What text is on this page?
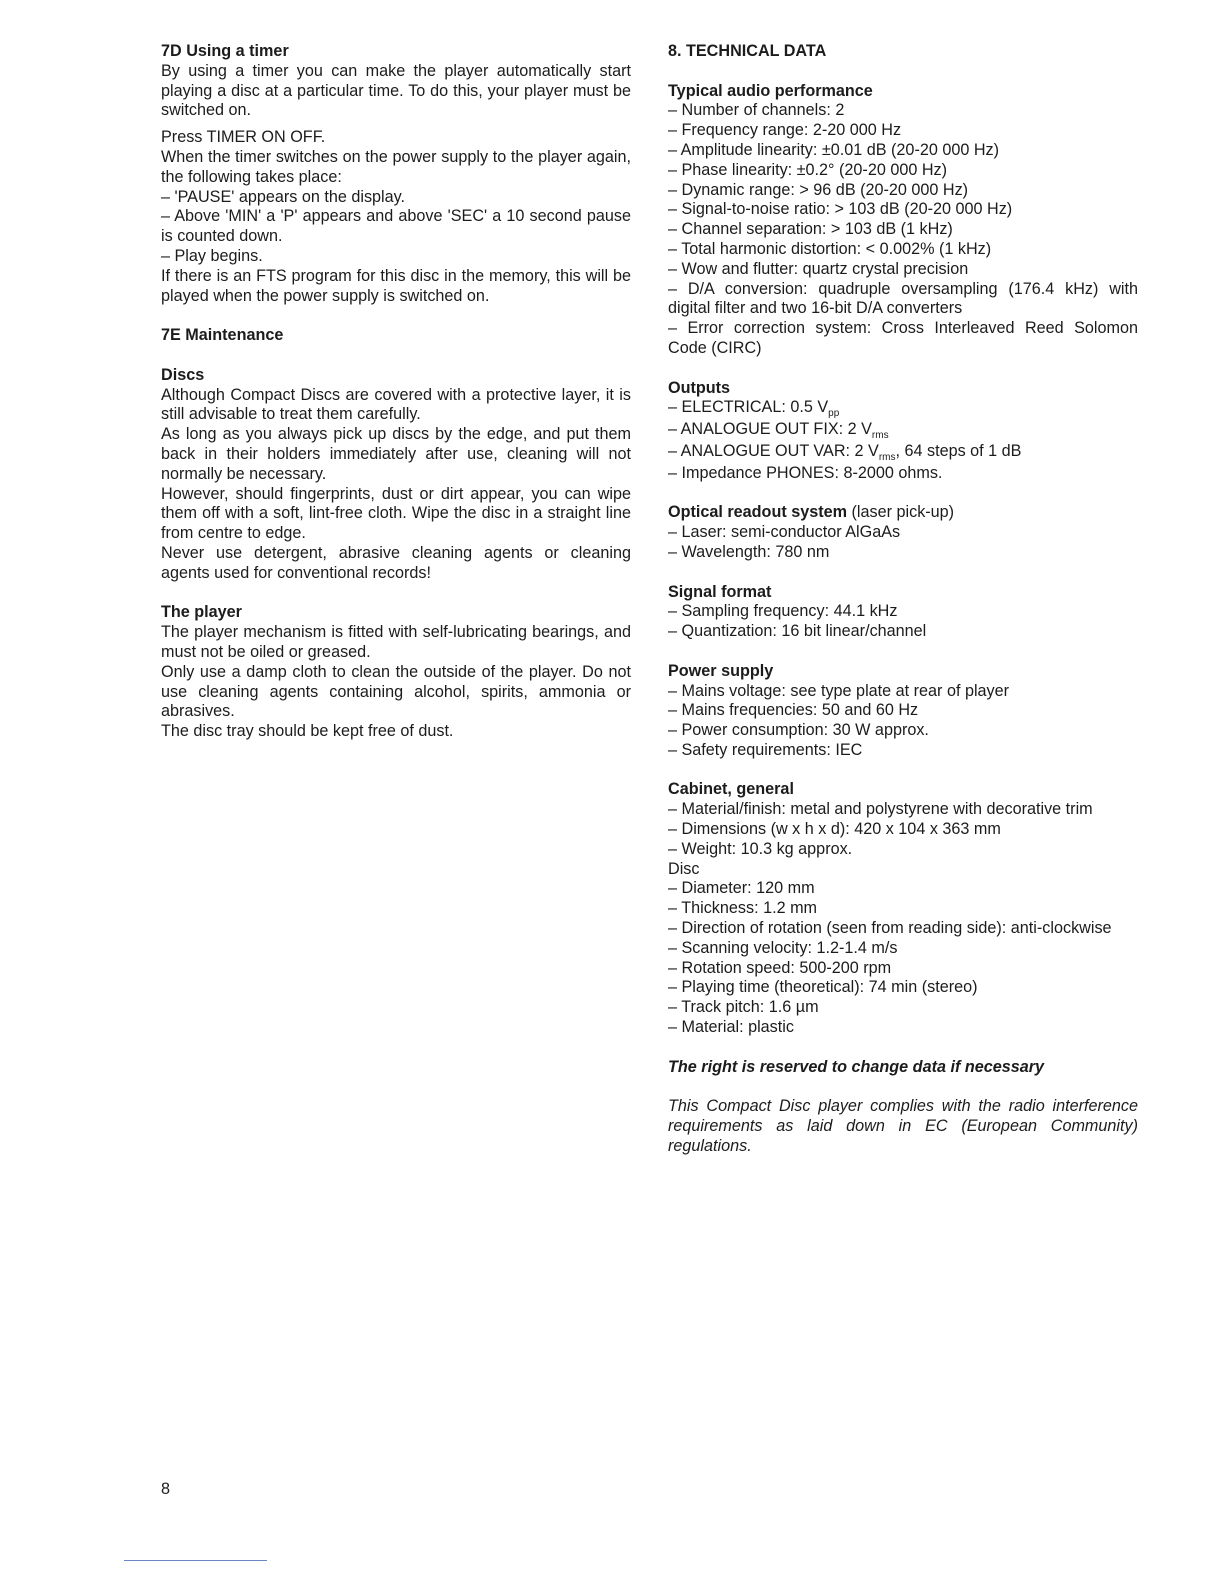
7D Using a timer
By using a timer you can make the player automatically start playing a disc at a particular time. To do this, your player must be switched on.
Press TIMER ON OFF.
When the timer switches on the power supply to the player again, the following takes place:
– 'PAUSE' appears on the display.
– Above 'MIN' a 'P' appears and above 'SEC' a 10 second pause is counted down.
– Play begins.
If there is an FTS program for this disc in the memory, this will be played when the power supply is switched on.
7E Maintenance
Discs
Although Compact Discs are covered with a protective layer, it is still advisable to treat them carefully.
As long as you always pick up discs by the edge, and put them back in their holders immediately after use, cleaning will not normally be necessary.
However, should fingerprints, dust or dirt appear, you can wipe them off with a soft, lint-free cloth. Wipe the disc in a straight line from centre to edge.
Never use detergent, abrasive cleaning agents or cleaning agents used for conventional records!
The player
The player mechanism is fitted with self-lubricating bearings, and must not be oiled or greased.
Only use a damp cloth to clean the outside of the player. Do not use cleaning agents containing alcohol, spirits, ammonia or abrasives.
The disc tray should be kept free of dust.
8. TECHNICAL DATA
Typical audio performance
– Number of channels: 2
– Frequency range: 2-20 000 Hz
– Amplitude linearity: ±0.01 dB (20-20 000 Hz)
– Phase linearity: ±0.2° (20-20 000 Hz)
– Dynamic range: > 96 dB (20-20 000 Hz)
– Signal-to-noise ratio: > 103 dB (20-20 000 Hz)
– Channel separation: > 103 dB (1 kHz)
– Total harmonic distortion: < 0.002% (1 kHz)
– Wow and flutter: quartz crystal precision
– D/A conversion: quadruple oversampling (176.4 kHz) with digital filter and two 16-bit D/A converters
– Error correction system: Cross Interleaved Reed Solomon Code (CIRC)
Outputs
– ELECTRICAL: 0.5 $V_{pp}$
– ANALOGUE OUT FIX: 2 $V_{rms}$
– ANALOGUE OUT VAR: 2 $V_{rms}$, 64 steps of 1 dB
– Impedance PHONES: 8-2000 ohms.
Optical readout system (laser pick-up)
– Laser: semi-conductor AlGaAs
– Wavelength: 780 nm
Signal format
– Sampling frequency: 44.1 kHz
– Quantization: 16 bit linear/channel
Power supply
– Mains voltage: see type plate at rear of player
– Mains frequencies: 50 and 60 Hz
– Power consumption: 30 W approx.
– Safety requirements: IEC
Cabinet, general
– Material/finish: metal and polystyrene with decorative trim
– Dimensions (w x h x d): 420 x 104 x 363 mm
– Weight: 10.3 kg approx.
Disc
– Diameter: 120 mm
– Thickness: 1.2 mm
– Direction of rotation (seen from reading side): anti-clockwise
– Scanning velocity: 1.2-1.4 m/s
– Rotation speed: 500-200 rpm
– Playing time (theoretical): 74 min (stereo)
– Track pitch: 1.6 µm
– Material: plastic
The right is reserved to change data if necessary
This Compact Disc player complies with the radio interference requirements as laid down in EC (European Community) regulations.
8
